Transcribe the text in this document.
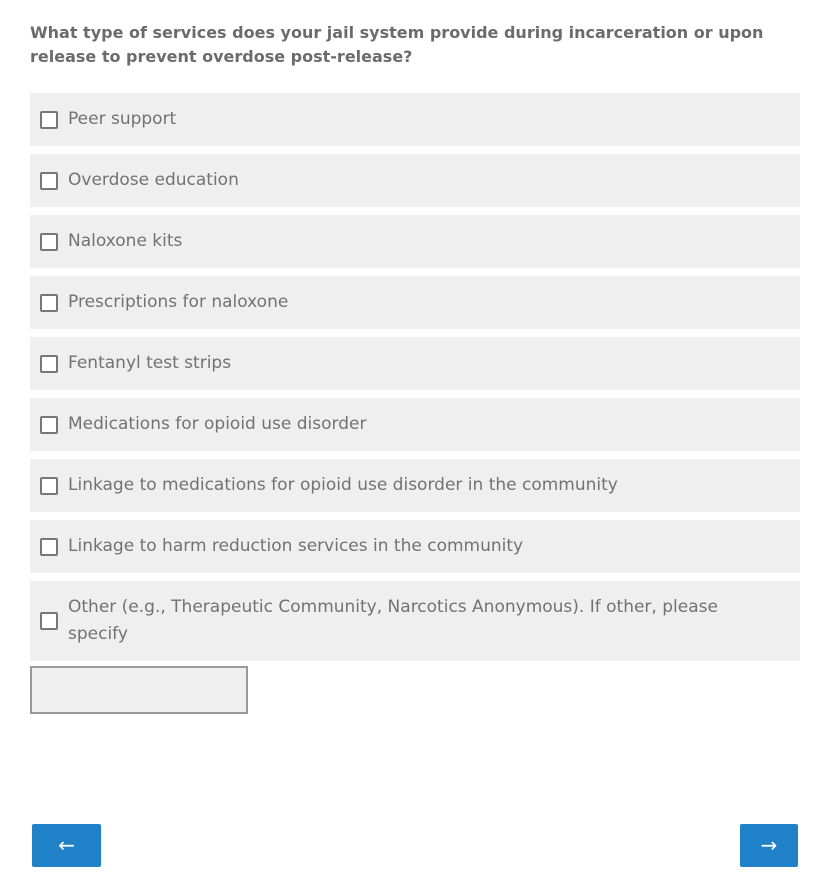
What type of services does your jail system provide during incarceration or upon release to prevent overdose post-release?
Peer support
Overdose education
Naloxone kits
Prescriptions for naloxone
Fentanyl test strips
Medications for opioid use disorder
Linkage to medications for opioid use disorder in the community
Linkage to harm reduction services in the community
Other (e.g., Therapeutic Community, Narcotics Anonymous). If other, please specify
←	→
